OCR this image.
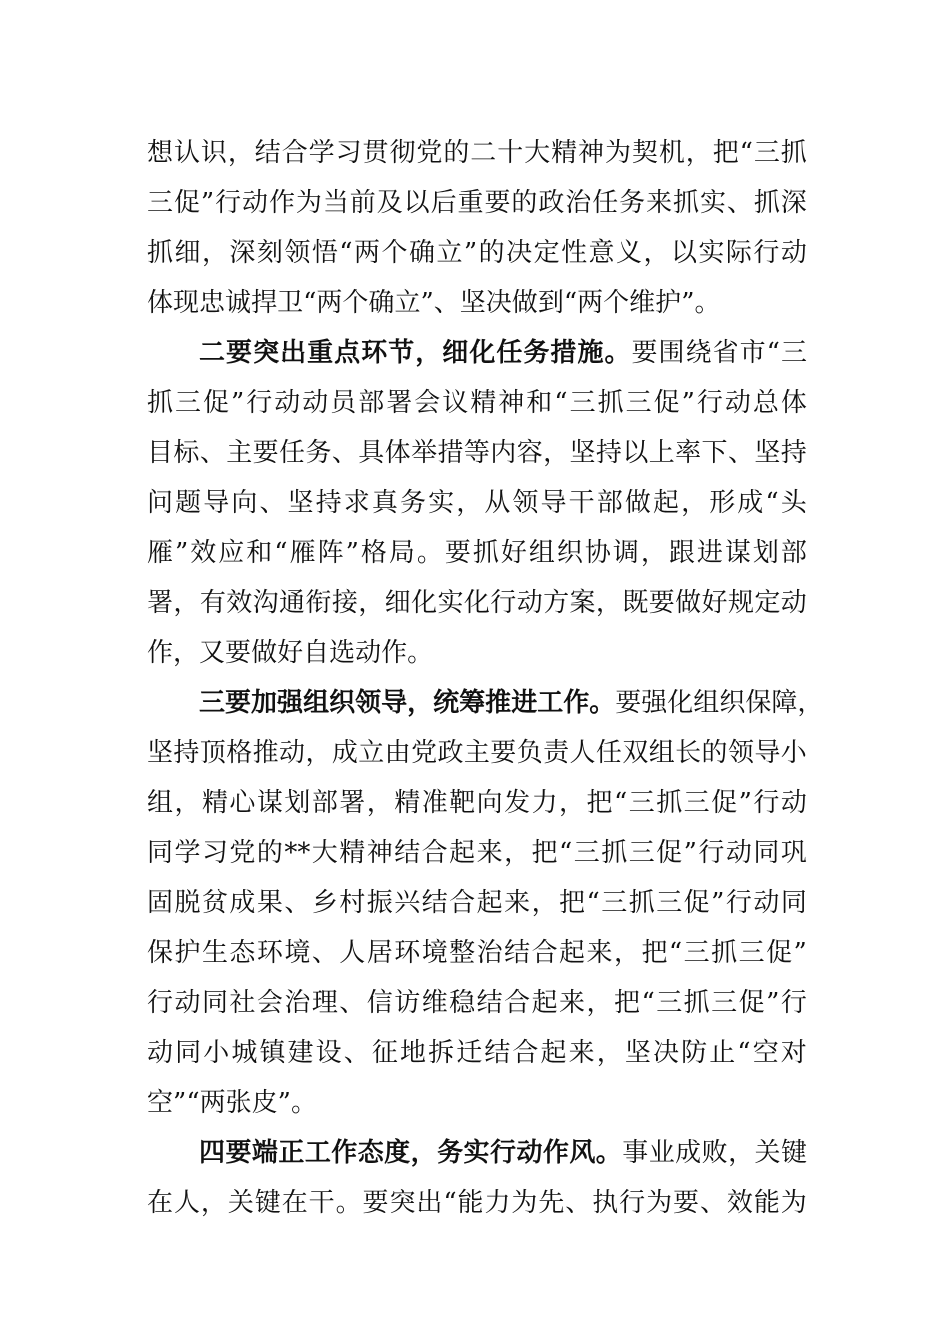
想 认 识 ， 结 合 学 习 贯 彻 党 的 二 十 大 精 神 为 契 机 ， 把 “ 三 抓
三 促 ” 行 动 作 为 当 前 及 以 后 重 要 的 政 治 任 务 来 抓 实 、 抓 深
抓 细 ， 深 刻 领 悟 “ 两 个 确 立 ” 的 决 定 性 意 义 ， 以 实 际 行 动
体 现 忠 诚 捍 卫 “ 两 个 确 立 ” 、 坚 决 做 到 “ 两 个 维 护 ” 。
二 要 突 出 重 点 环 节 ， 细 化 任 务 措 施 。 要 围 绕 省 市 “ 三
抓 三 促 ” 行 动 动 员 部 署 会 议 精 神 和 “ 三 抓 三 促 ” 行 动 总 体
目 标 、 主 要 任 务 、 具 体 举 措 等 内 容 ， 坚 持 以 上 率 下 、 坚 持
问 题 导 向 、 坚 持 求 真 务 实 ， 从 领 导 干 部 做 起 ， 形 成 “ 头
雁 ” 效 应 和 “ 雁 阵 ” 格 局 。 要 抓 好 组 织 协 调 ， 跟 进 谋 划 部
署 ， 有 效 沟 通 衔 接 ， 细 化 实 化 行 动 方 案 ， 既 要 做 好 规 定 动
作 ， 又 要 做 好 自 选 动 作 。
三 要 加 强 组 织 领 导 ， 统 筹 推 进 工 作 。 要 强 化 组 织 保 障 ，
坚 持 顶 格 推 动 ， 成 立 由 党 政 主 要 负 责 人 任 双 组 长 的 领 导 小
组 ， 精 心 谋 划 部 署 ， 精 准 靶 向 发 力 ， 把 “ 三 抓 三 促 ” 行 动
同 学 习 党 的 ** 大 精 神 结 合 起 来 ， 把 “ 三 抓 三 促 ” 行 动 同 巩
固 脱 贫 成 果 、 乡 村 振 兴 结 合 起 来 ， 把 “ 三 抓 三 促 ” 行 动 同
保 护 生 态 环 境 、 人 居 环 境 整 治 结 合 起 来 ， 把 “ 三 抓 三 促 ”
行 动 同 社 会 治 理 、 信 访 维 稳 结 合 起 来 ， 把 “ 三 抓 三 促 ” 行
动 同 小 城 镇 建 设 、 征 地 拆 迁 结 合 起 来 ， 坚 决 防 止 “ 空 对
空 ” “ 两 张 皮 ” 。
四 要 端 正 工 作 态 度 ， 务 实 行 动 作 风 。 事 业 成 败 ， 关 键
在 人 ， 关 键 在 干 。 要 突 出 “ 能 力 为 先 、 执 行 为 要 、 效 能 为
